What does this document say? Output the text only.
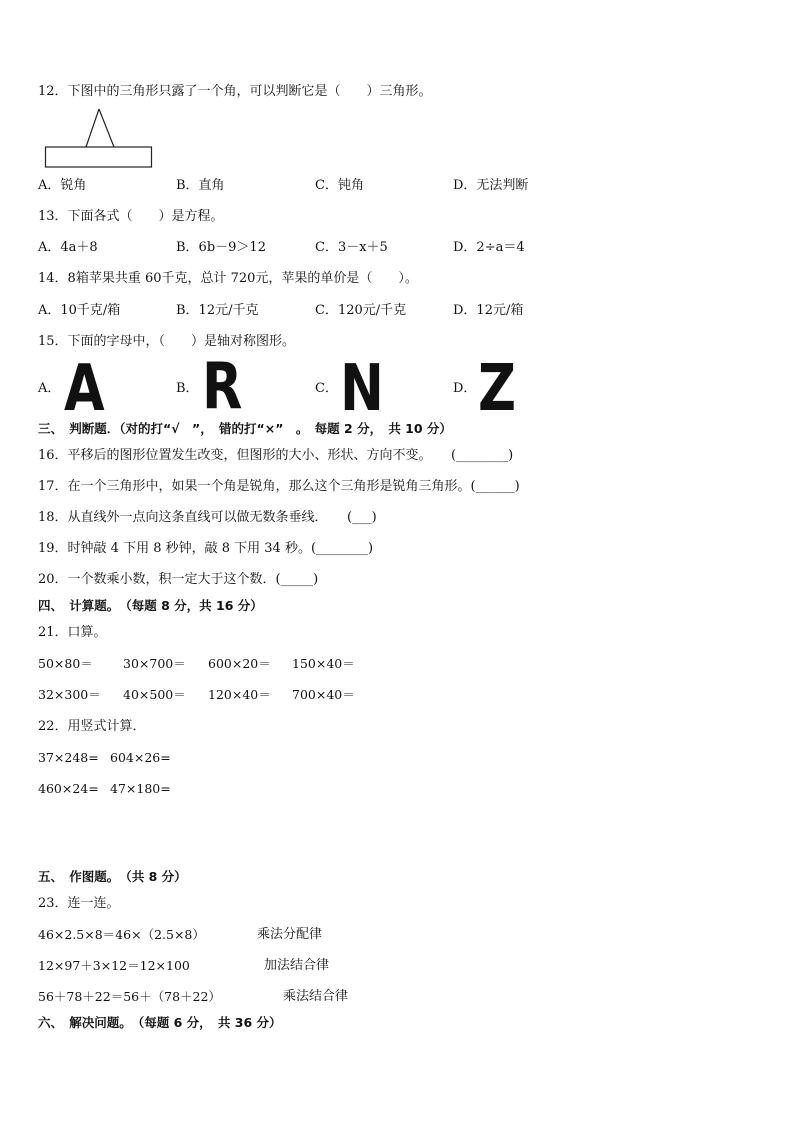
12．下图中的三角形只露了一个角，可以判断它是（　　）三角形。
A．锐角	B．直角	C．钝角	D．无法判断
13．下面各式（　　）是方程。
A．4a＋8	B．6b－9＞12	C．3－x＋5	D．2÷a＝4
14．8箱苹果共重 60千克，总计 720元，苹果的单价是（　　）。
A．10千克/箱	B．12元/千克	C．120元/千克	D．12元/箱
15．下面的字母中，（　　）是轴对称图形。
A． A	B． R	C． N	D． Z
三、　判断题．（对的打“√　”，　错的打“×”　。　每题 2 分，　共 10 分）
16．平移后的图形位置发生改变，但图形的大小、形状、方向不变。　　(________)
17．在一个三角形中，如果一个角是锐角，那么这个三角形是锐角三角形。(______)
18．从直线外一点向这条直线可以做无数条垂线．　　(___)
19．时钟敲 4 下用 8 秒钟，敲 8 下用 34 秒。(________)
20．一个数乘小数，积一定大于这个数．(_____)
四、　计算题。　（每题 8 分，共 16 分）
21．口算。
50×80＝ 30×700＝ 600×20＝ 150×40＝
32×300＝ 40×500＝ 120×40＝ 700×40＝
22．用竖式计算．
37×248= 604×26=
460×24= 47×180=
五、　作图题。　（共 8 分）
23．连一连。
46×2.5×8＝46×（2.5×8）	乘法分配律
12×97＋3×12＝12×100	加法结合律
56＋78＋22＝56＋（78＋22）	乘法结合律
六、　解决问题。　（每题 6 分，　共 36 分）
